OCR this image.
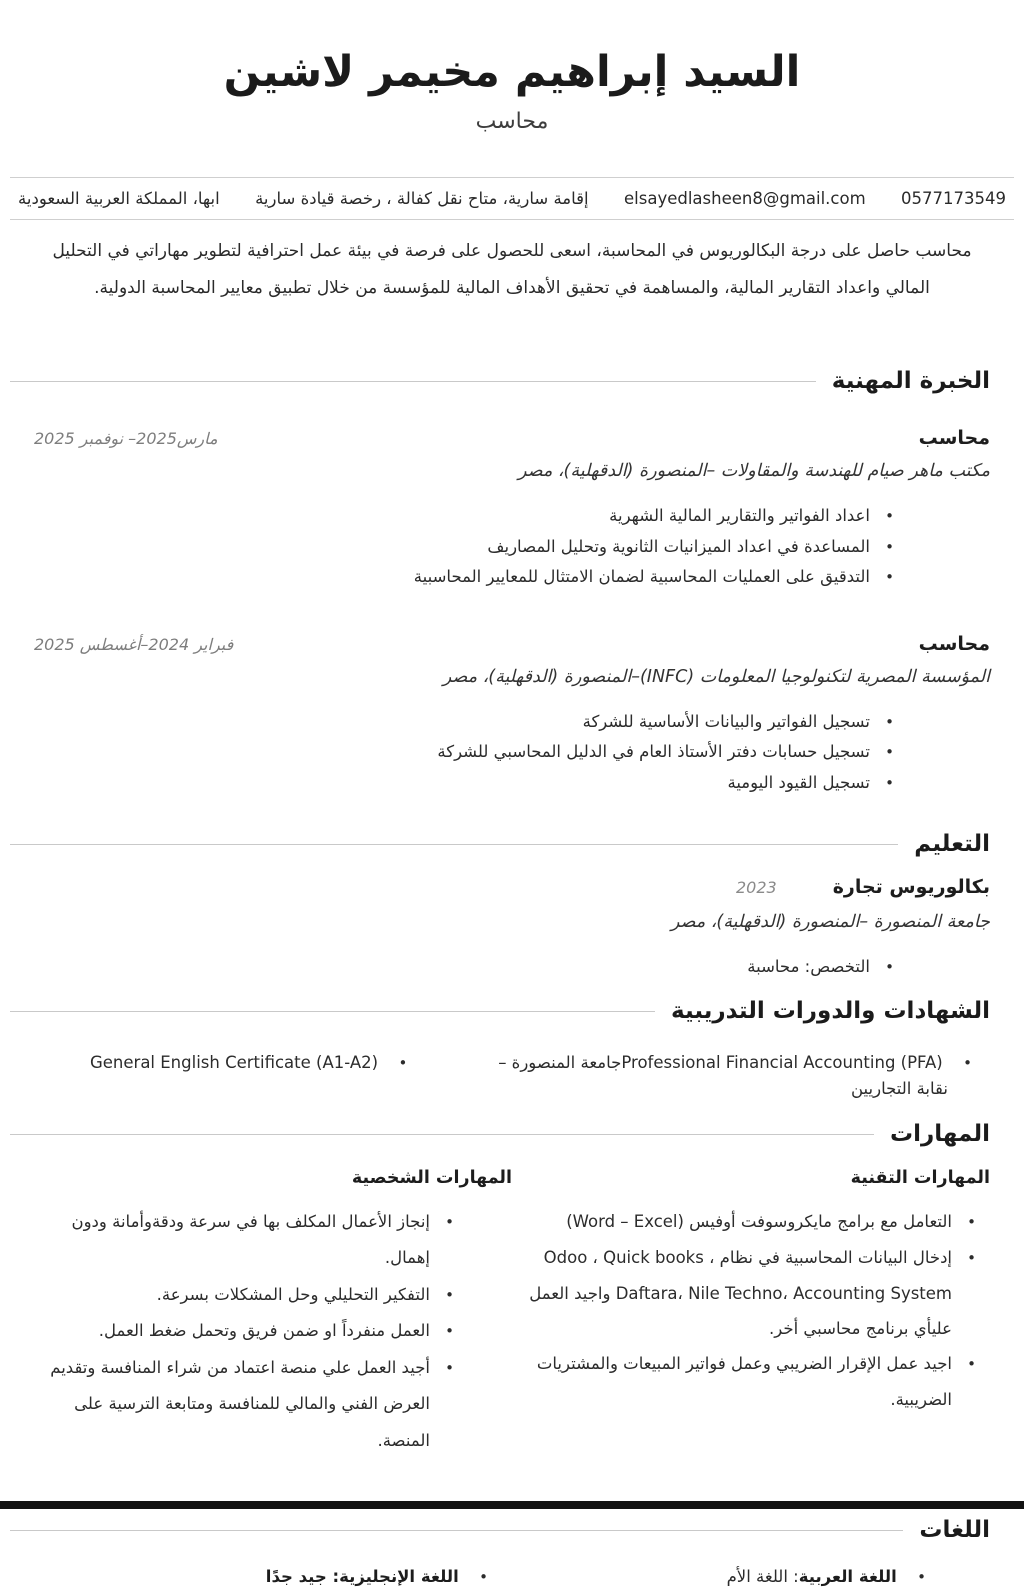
السيد إبراهيم مخيمر لاشين
محاسب
0577173549
elsayedlasheen8@gmail.com
إقامة سارية، متاح نقل كفالة ، رخصة قيادة سارية
ابها، المملكة العربية السعودية

محاسب حاصل على درجة البكالوريوس في المحاسبة، اسعى للحصول على فرصة في بيئة عمل احترافية لتطوير مهاراتي في التحليل المالي واعداد التقارير المالية، والمساهمة في تحقيق الأهداف المالية للمؤسسة من خلال تطبيق معايير المحاسبة الدولية.

الخبرة المهنية
محاسب
مارس2025– نوفمبر 2025
مكتب ماهر صيام للهندسة والمقاولات –المنصورة (الدقهلية)، مصر
• اعداد الفواتير والتقارير المالية الشهرية
• المساعدة في اعداد الميزانيات الثانوية وتحليل المصاريف
• التدقيق على العمليات المحاسبية لضمان الامتثال للمعايير المحاسبية
محاسب
فبراير 2024–أغسطس 2025
المؤسسة المصرية لتكنولوجيا المعلومات (INFC)–المنصورة (الدقهلية)، مصر
• تسجيل الفواتير والبيانات الأساسية للشركة
• تسجيل حسابات دفتر الأستاذ العام في الدليل المحاسبي للشركة
• تسجيل القيود اليومية
التعليم
بكالوريوس تجارة
2023
جامعة المنصورة –المنصورة (الدقهلية)، مصر
• التخصص: محاسبة
الشهادات والدورات التدريبية
• Professional Financial Accounting (PFA)جامعة المنصورة – نقابة التجاريين
• General English Certificate (A1-A2)
المهارات
المهارات التقنية
• التعامل مع برامج مايكروسوفت أوفيس (Word – Excel)
• إدخال البيانات المحاسبية في نظام Odoo ، Quick books ، Daftara، Nile Techno، Accounting System واجيد العمل عليأي برنامج محاسبي أخر.
• اجيد عمل الإقرار الضريبي وعمل فواتير المبيعات والمشتريات الضريبية.
المهارات الشخصية
• إنجاز الأعمال المكلف بها في سرعة ودقةوأمانة ودون إهمال.
• التفكير التحليلي وحل المشكلات بسرعة.
• العمل منفرداً او ضمن فريق وتحمل ضغط العمل.
• أجيد العمل علي منصة اعتماد من شراء المنافسة وتقديم العرض الفني والمالي للمنافسة ومتابعة الترسية على المنصة.
اللغات
• اللغة العربية: اللغة الأم
• اللغة الإنجليزية: جيد جدًا
